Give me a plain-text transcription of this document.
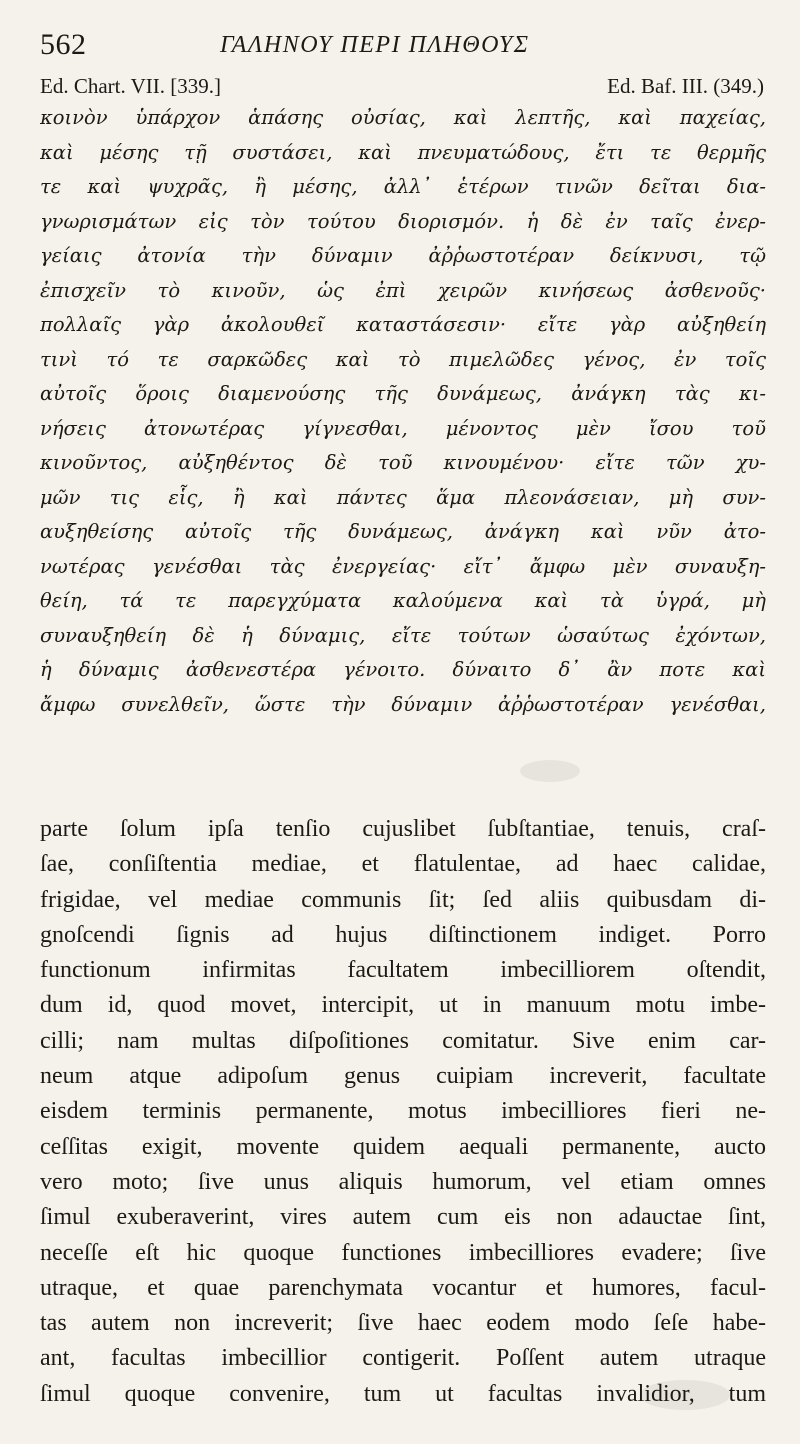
562	ΓΑΛΗΝΟΥ ΠΕΡΙ ΠΛΗΘΟΥΣ
Ed. Chart. VII. [339.]	Ed. Baf. III. (349.)
κοινὸν ὑπάρχον ἁπάσης οὐσίας, καὶ λεπτῆς, καὶ παχείας,
καὶ μέσης τῇ συστάσει, καὶ πνευματώδους, ἔτι τε θερμῆς
τε καὶ ψυχρᾶς, ἢ μέσης, ἀλλ᾽ ἑτέρων τινῶν δεῖται δια-
γνωρισμάτων εἰς τὸν τούτου διορισμόν. ἡ δὲ ἐν ταῖς ἐνερ-
γείαις ἀτονία τὴν δύναμιν ἀῤῥωστοτέραν δείκνυσι, τῷ
ἐπισχεῖν τὸ κινοῦν, ὡς ἐπὶ χειρῶν κινήσεως ἀσθενοῦς·
πολλαῖς γὰρ ἀκολουθεῖ καταστάσεσιν· εἴτε γὰρ αὐξηθείη
τινὶ τό τε σαρκῶδες καὶ τὸ πιμελῶδες γένος, ἐν τοῖς
αὐτοῖς ὅροις διαμενούσης τῆς δυνάμεως, ἀνάγκη τὰς κι-
νήσεις ἀτονωτέρας γίγνεσθαι, μένοντος μὲν ἴσου τοῦ
κινοῦντος, αὐξηθέντος δὲ τοῦ κινουμένου· εἴτε τῶν χυ-
μῶν τις εἷς, ἢ καὶ πάντες ἅμα πλεονάσειαν, μὴ συν-
αυξηθείσης αὐτοῖς τῆς δυνάμεως, ἀνάγκη καὶ νῦν ἀτο-
νωτέρας γενέσθαι τὰς ἐνεργείας· εἴτ᾽ ἄμφω μὲν συναυξη-
θείη, τά τε παρεγχύματα καλούμενα καὶ τὰ ὑγρά, μὴ
συναυξηθείη δὲ ἡ δύναμις, εἴτε τούτων ὡσαύτως ἐχόντων,
ἡ δύναμις ἀσθενεστέρα γένοιτο. δύναιτο δ᾽ ἂν ποτε καὶ
ἄμφω συνελθεῖν, ὥστε τὴν δύναμιν ἀῤῥωστοτέραν γενέσθαι,
parte ſolum ipſa tenſio cujuslibet ſubſtantiae, tenuis, craſ-
ſae, conſiſtentia mediae, et flatulentae, ad haec calidae,
frigidae, vel mediae communis ſit; ſed aliis quibusdam di-
gnoſcendi ſignis ad hujus diſtinctionem indiget. Porro
functionum infirmitas facultatem imbecilliorem oſtendit,
dum id, quod movet, intercipit, ut in manuum motu imbe-
cilli; nam multas diſpoſitiones comitatur. Sive enim car-
neum atque adipoſum genus cuipiam increverit, facultate
eisdem terminis permanente, motus imbecilliores fieri ne-
ceſſitas exigit, movente quidem aequali permanente, aucto
vero moto; ſive unus aliquis humorum, vel etiam omnes
ſimul exuberaverint, vires autem cum eis non adauctae ſint,
neceſſe eſt hic quoque functiones imbecilliores evadere; ſive
utraque, et quae parenchymata vocantur et humores, facul-
tas autem non increverit; ſive haec eodem modo ſeſe habe-
ant, facultas imbecillior contigerit. Poſſent autem utraque
ſimul quoque convenire, tum ut facultas invalidior, tum
